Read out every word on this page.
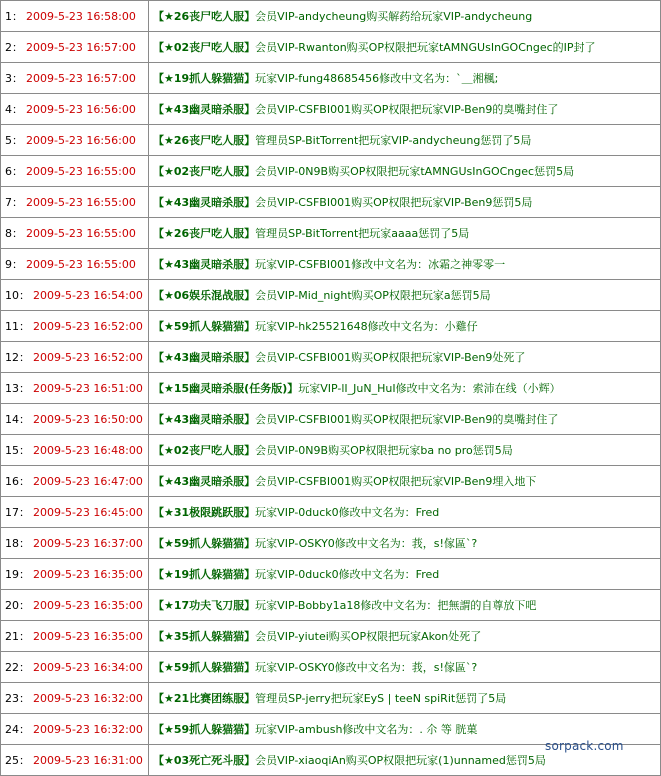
1： 2009-5-23 16:58:00	【★26丧尸吃人服】会员VIP-andycheung购买解药给玩家VIP-andycheung
2： 2009-5-23 16:57:00	【★02丧尸吃人服】会员VIP-Rwanton购买OP权限把玩家tAMNGUsInGOCngec的IP封了
3： 2009-5-23 16:57:00	【★19抓人躲猫猫】玩家VIP-fung48685456修改中文名为：`＿湘楓;
4： 2009-5-23 16:56:00	【★43幽灵暗杀服】会员VIP-CSFBI001购买OP权限把玩家VIP-Ben9的臭嘴封住了
5： 2009-5-23 16:56:00	【★26丧尸吃人服】管理员SP-BitTorrent把玩家VIP-andycheung惩罚了5局
6： 2009-5-23 16:55:00	【★02丧尸吃人服】会员VIP-0N9B购买OP权限把玩家tAMNGUsInGOCngec惩罚5局
7： 2009-5-23 16:55:00	【★43幽灵暗杀服】会员VIP-CSFBI001购买OP权限把玩家VIP-Ben9惩罚5局
8： 2009-5-23 16:55:00	【★26丧尸吃人服】管理员SP-BitTorrent把玩家aaaa惩罚了5局
9： 2009-5-23 16:55:00	【★43幽灵暗杀服】玩家VIP-CSFBI001修改中文名为：冰霜之神零零一
10： 2009-5-23 16:54:00	【★06娱乐混战服】会员VIP-Mid_night购买OP权限把玩家a惩罚5局
11： 2009-5-23 16:52:00	【★59抓人躲猫猫】玩家VIP-hk25521648修改中文名为：小雞仔
12： 2009-5-23 16:52:00	【★43幽灵暗杀服】会员VIP-CSFBI001购买OP权限把玩家VIP-Ben9处死了
13： 2009-5-23 16:51:00	【★15幽灵暗杀服(任务版)】玩家VIP-lI_JuN_HuI修改中文名为：索沛在线（小辉）
14： 2009-5-23 16:50:00	【★43幽灵暗杀服】会员VIP-CSFBI001购买OP权限把玩家VIP-Ben9的臭嘴封住了
15： 2009-5-23 16:48:00	【★02丧尸吃人服】会员VIP-0N9B购买OP权限把玩家ba no pro惩罚5局
16： 2009-5-23 16:47:00	【★43幽灵暗杀服】会员VIP-CSFBI001购买OP权限把玩家VIP-Ben9埋入地下
17： 2009-5-23 16:45:00	【★31极限跳跃服】玩家VIP-0duck0修改中文名为：Fred
18： 2009-5-23 16:37:00	【★59抓人躲猫猫】玩家VIP-OSKY0修改中文名为：莪，s!傢區ˋ?
19： 2009-5-23 16:35:00	【★19抓人躲猫猫】玩家VIP-0duck0修改中文名为：Fred
20： 2009-5-23 16:35:00	【★17功夫飞刀服】玩家VIP-Bobby1a18修改中文名为：把無謂的自尊放下吧
21： 2009-5-23 16:35:00	【★35抓人躲猫猫】会员VIP-yiutei购买OP权限把玩家Akon处死了
22： 2009-5-23 16:34:00	【★59抓人躲猫猫】玩家VIP-OSKY0修改中文名为：莪，s!傢區ˋ?
23： 2009-5-23 16:32:00	【★21比赛团练服】管理员SP-jerry把玩家EyS | teeN spiRit惩罚了5局
24： 2009-5-23 16:32:00	【★59抓人躲猫猫】玩家VIP-ambush修改中文名为：. 尒 等 胱菓
25： 2009-5-23 16:31:00	【★03死亡死斗服】会员VIP-xiaoqiAn购买OP权限把玩家(1)unnamed惩罚5局
sorpack.com
